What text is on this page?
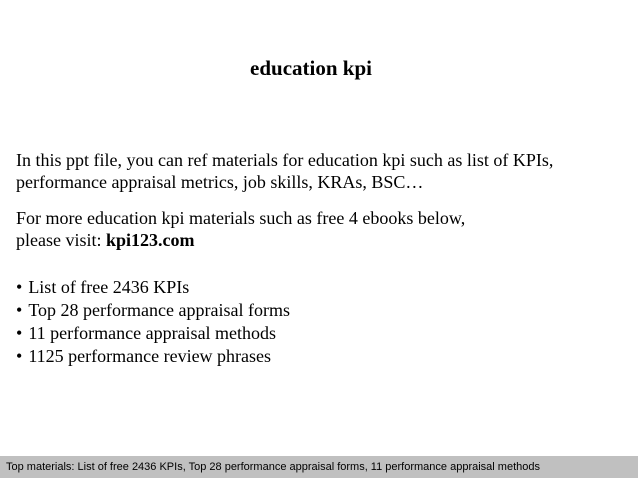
education kpi
In this ppt file, you can ref materials for education kpi such as list of KPIs,
performance appraisal metrics, job skills, KRAs, BSC…
For more education kpi materials such as free 4 ebooks below,
please visit: kpi123.com
• List of free 2436 KPIs
• Top 28 performance appraisal forms
• 11 performance appraisal methods
• 1125 performance review phrases
Top materials: List of free 2436 KPIs, Top 28 performance appraisal forms, 11 performance appraisal methods
